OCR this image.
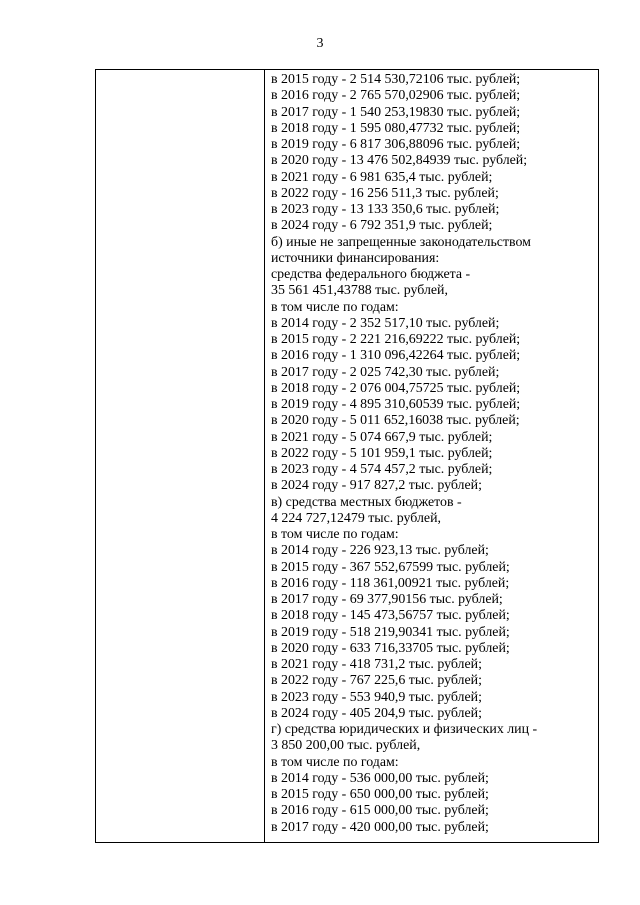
3
в 2015 году - 2 514 530,72106 тыс. рублей;
в 2016 году - 2 765 570,02906 тыс. рублей;
в 2017 году - 1 540 253,19830 тыс. рублей;
в 2018 году - 1 595 080,47732 тыс. рублей;
в 2019 году - 6 817 306,88096 тыс. рублей;
в 2020 году - 13 476 502,84939 тыс. рублей;
в 2021 году - 6 981 635,4 тыс. рублей;
в 2022 году - 16 256 511,3 тыс. рублей;
в 2023 году - 13 133 350,6 тыс. рублей;
в 2024 году - 6 792 351,9 тыс. рублей;
б) иные не запрещенные законодательством
источники финансирования:
средства федерального бюджета -
35 561 451,43788 тыс. рублей,
в том числе по годам:
в 2014 году - 2 352 517,10 тыс. рублей;
в 2015 году - 2 221 216,69222 тыс. рублей;
в 2016 году - 1 310 096,42264 тыс. рублей;
в 2017 году - 2 025 742,30 тыс. рублей;
в 2018 году - 2 076 004,75725 тыс. рублей;
в 2019 году - 4 895 310,60539 тыс. рублей;
в 2020 году - 5 011 652,16038 тыс. рублей;
в 2021 году - 5 074 667,9 тыс. рублей;
в 2022 году - 5 101 959,1 тыс. рублей;
в 2023 году - 4 574 457,2 тыс. рублей;
в 2024 году - 917 827,2 тыс. рублей;
в) средства местных бюджетов -
4 224 727,12479 тыс. рублей,
в том числе по годам:
в 2014 году - 226 923,13 тыс. рублей;
в 2015 году - 367 552,67599 тыс. рублей;
в 2016 году - 118 361,00921 тыс. рублей;
в 2017 году - 69 377,90156 тыс. рублей;
в 2018 году - 145 473,56757 тыс. рублей;
в 2019 году - 518 219,90341 тыс. рублей;
в 2020 году - 633 716,33705 тыс. рублей;
в 2021 году - 418 731,2 тыс. рублей;
в 2022 году - 767 225,6 тыс. рублей;
в 2023 году - 553 940,9 тыс. рублей;
в 2024 году - 405 204,9 тыс. рублей;
г) средства юридических и физических лиц -
3 850 200,00 тыс. рублей,
в том числе по годам:
в 2014 году - 536 000,00 тыс. рублей;
в 2015 году - 650 000,00 тыс. рублей;
в 2016 году - 615 000,00 тыс. рублей;
в 2017 году - 420 000,00 тыс. рублей;
